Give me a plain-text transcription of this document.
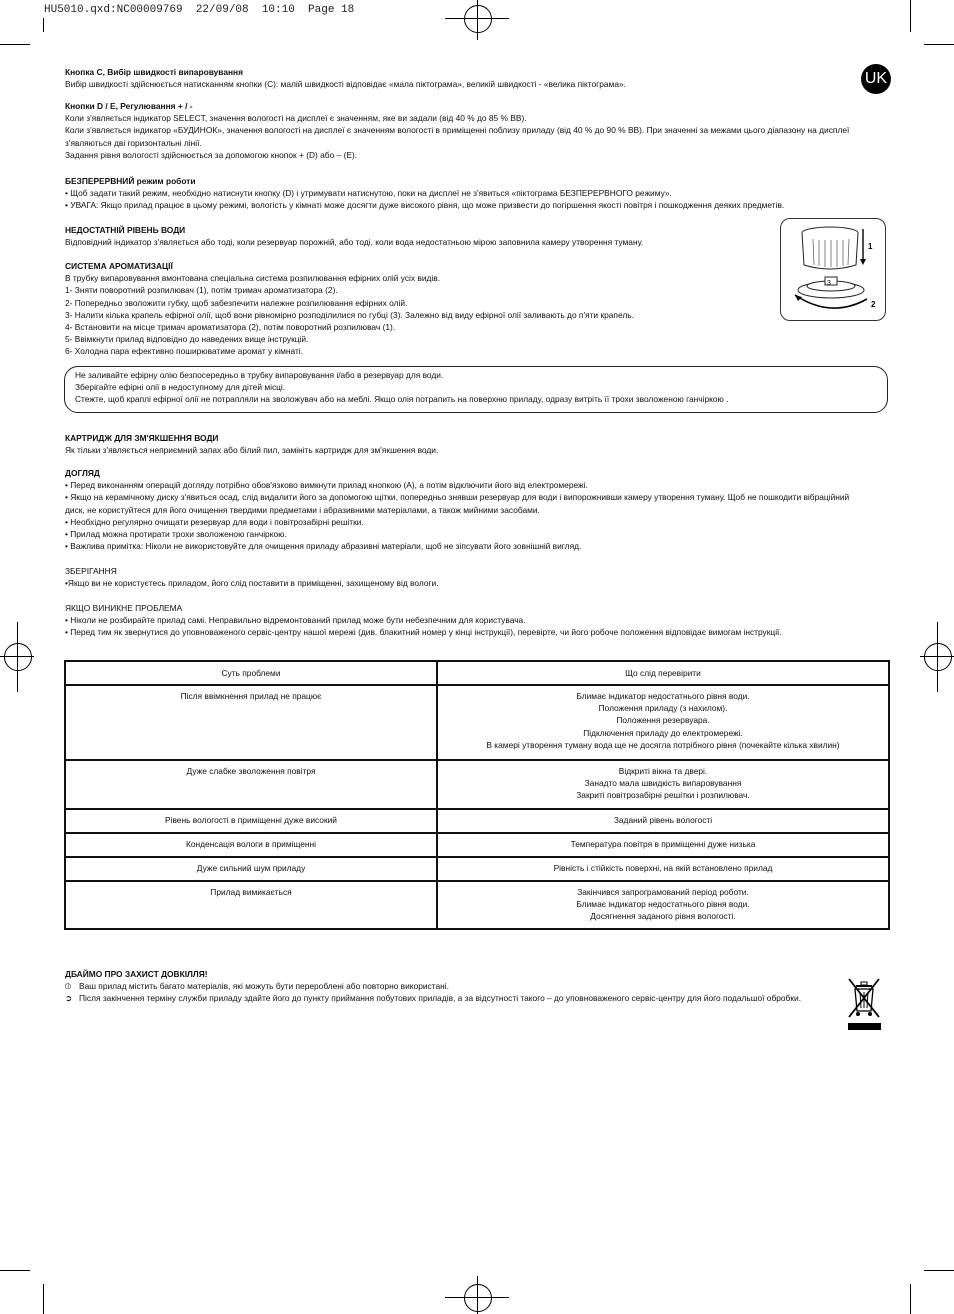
HU5010.qxd:NC00009769  22/09/08  10:10  Page 18
UK
Кнопка C, Вибір швидкості випаровування

Вибір швидкості здійснюється натисканням кнопки (C): малій швидкості відповідає «мала піктограма», великій швидкості - «велика піктограма».

Кнопки D / E, Регулювання + / -

Коли з'являється індикатор SELECT, значення вологості на дисплеї є значенням, яке ви задали (від 40 % до 85 % ВВ).

Коли з'являється індикатор «БУДИНОК», значення вологості на дисплеї є значенням вологості в приміщенні поблизу приладу (від 40 % до 90 % ВВ). При значенні за межами цього діапазону на дисплеї

з'являються дві горизонтальні лінії.

Задання рівня вологості здійснюється за допомогою кнопок + (D) або – (E).

БЕЗПЕРЕРВНИЙ режим роботи

• Щоб задати такий режим, необхідно натиснути кнопку (D) і утримувати натиснутою, поки на дисплеї не з'явиться «піктограма БЕЗПЕРЕРВНОГО режиму».

• УВАГА: Якщо прилад працює в цьому режимі, вологість у кімнаті може досягти дуже високого рівня, що може призвести до погіршення якості повітря і пошкодження деяких предметів.

НЕДОСТАТНІЙ РІВЕНЬ ВОДИ

Відповідний індикатор з'являється або тоді, коли резервуар порожній, або тоді, коли вода недостатньою мірою заповнила камеру утворення туману.

СИСТЕМА АРОМАТИЗАЦІЇ

В трубку випаровування вмонтована спеціальна система розпилювання ефірних олій усіх видів.

1- Зняти поворотний розпилювач (1), потім тримач ароматизатора (2).

2- Попередньо зволожити губку, щоб забезпечити належне розпилювання ефірних олій.

3- Налити кілька крапель ефірної олії, щоб вони рівномірно розподілилися по губці (3). Залежно від виду ефірної олії заливають до п'яти крапель.

4- Встановити на місце тримач ароматизатора (2), потім поворотний розпилювач (1).

5- Ввімкнути прилад відповідно до наведених вище інструкцій.

6- Холодна пара ефективно поширюватиме аромат у кімнаті.

1
3
2

Не заливайте ефірну олію безпосередньо в трубку випаровування і/або в резервуар для води.

Зберігайте ефірні олії в недоступному для дітей місці.

Стежте, щоб краплі ефірної олії не потрапляли на зволожувач або на меблі. Якщо олія потрапить на поверхню приладу, одразу витріть її трохи зволоженою ганчіркою .

КАРТРИДЖ ДЛЯ ЗМ'ЯКШЕННЯ ВОДИ

Як тільки з'являється неприємний запах або білий пил, замініть картридж для зм'якшення води.

ДОГЛЯД

• Перед виконанням операцій догляду потрібно обов'язково вимкнути прилад кнопкою (A), а потім відключити його від електромережі.

• Якщо на керамічному диску з'явиться осад, слід видалити його за допомогою щітки, попередньо знявши резервуар для води і випорожнивши камеру утворення туману. Щоб не пошкодити вібраційний

диск, не користуйтеся для його очищення твердими предметами і абразивними матеріалами, а також мийними засобами.

• Необхідно регулярно очищати резервуар для води і повітрозабірні решітки.

• Прилад можна протирати трохи зволоженою ганчіркою.

• Важлива примітка: Ніколи не використовуйте для очищення приладу абразивні матеріали, щоб не зіпсувати його зовнішній вигляд.

ЗБЕРІГАННЯ

•Якщо ви не користуєтесь приладом, його слід поставити в приміщенні, захищеному від вологи.

ЯКЩО ВИНИКНЕ ПРОБЛЕМА

• Ніколи не розбирайте прилад самі. Неправильно відремонтований прилад може бути небезпечним для користувача.

• Перед тим як звернутися до уповноваженого сервіс-центру нашої мережі (див. блакитний номер у кінці інструкції), перевірте, чи його робоче положення відповідає вимогам інструкції.

Суть проблеми	Що слід перевірити
Після ввімкнення прилад не працює	Блимає індикатор недостатнього рівня води.
Положення приладу (з нахилом).
Положення резервуара.
Підключення приладу до електромережі.
В камері утворення туману вода ще не досягла потрібного рівня (почекайте кілька хвилин)

Дуже слабке зволоження повітря	Відкриті вікна та двері.
Занадто мала швидкість випаровування
Закриті повітрозабірні решітки і розпилювач.

Рівень вологості в приміщенні дуже високий	Заданий рівень вологості

Конденсація вологи в приміщенні	Температура повітря в приміщенні дуже низька

Дуже сильний шум приладу	Рівність і стійкість поверхні, на якій встановлено прилад

Прилад вимикається	Закінчився запрограмований період роботи.
Блимає індикатор недостатнього рівня води.
Досягнення заданого рівня вологості.
ДБАЙМО ПРО ЗАХИСТ ДОВКІЛЛЯ!

⦶ Ваш прилад містить багато матеріалів, які можуть бути перероблені або повторно використані.

➲ Після закінчення терміну служби приладу здайте його до пункту приймання побутових приладів, а за відсутності такого – до уповноваженого сервіс-центру для його подальшої обробки.
